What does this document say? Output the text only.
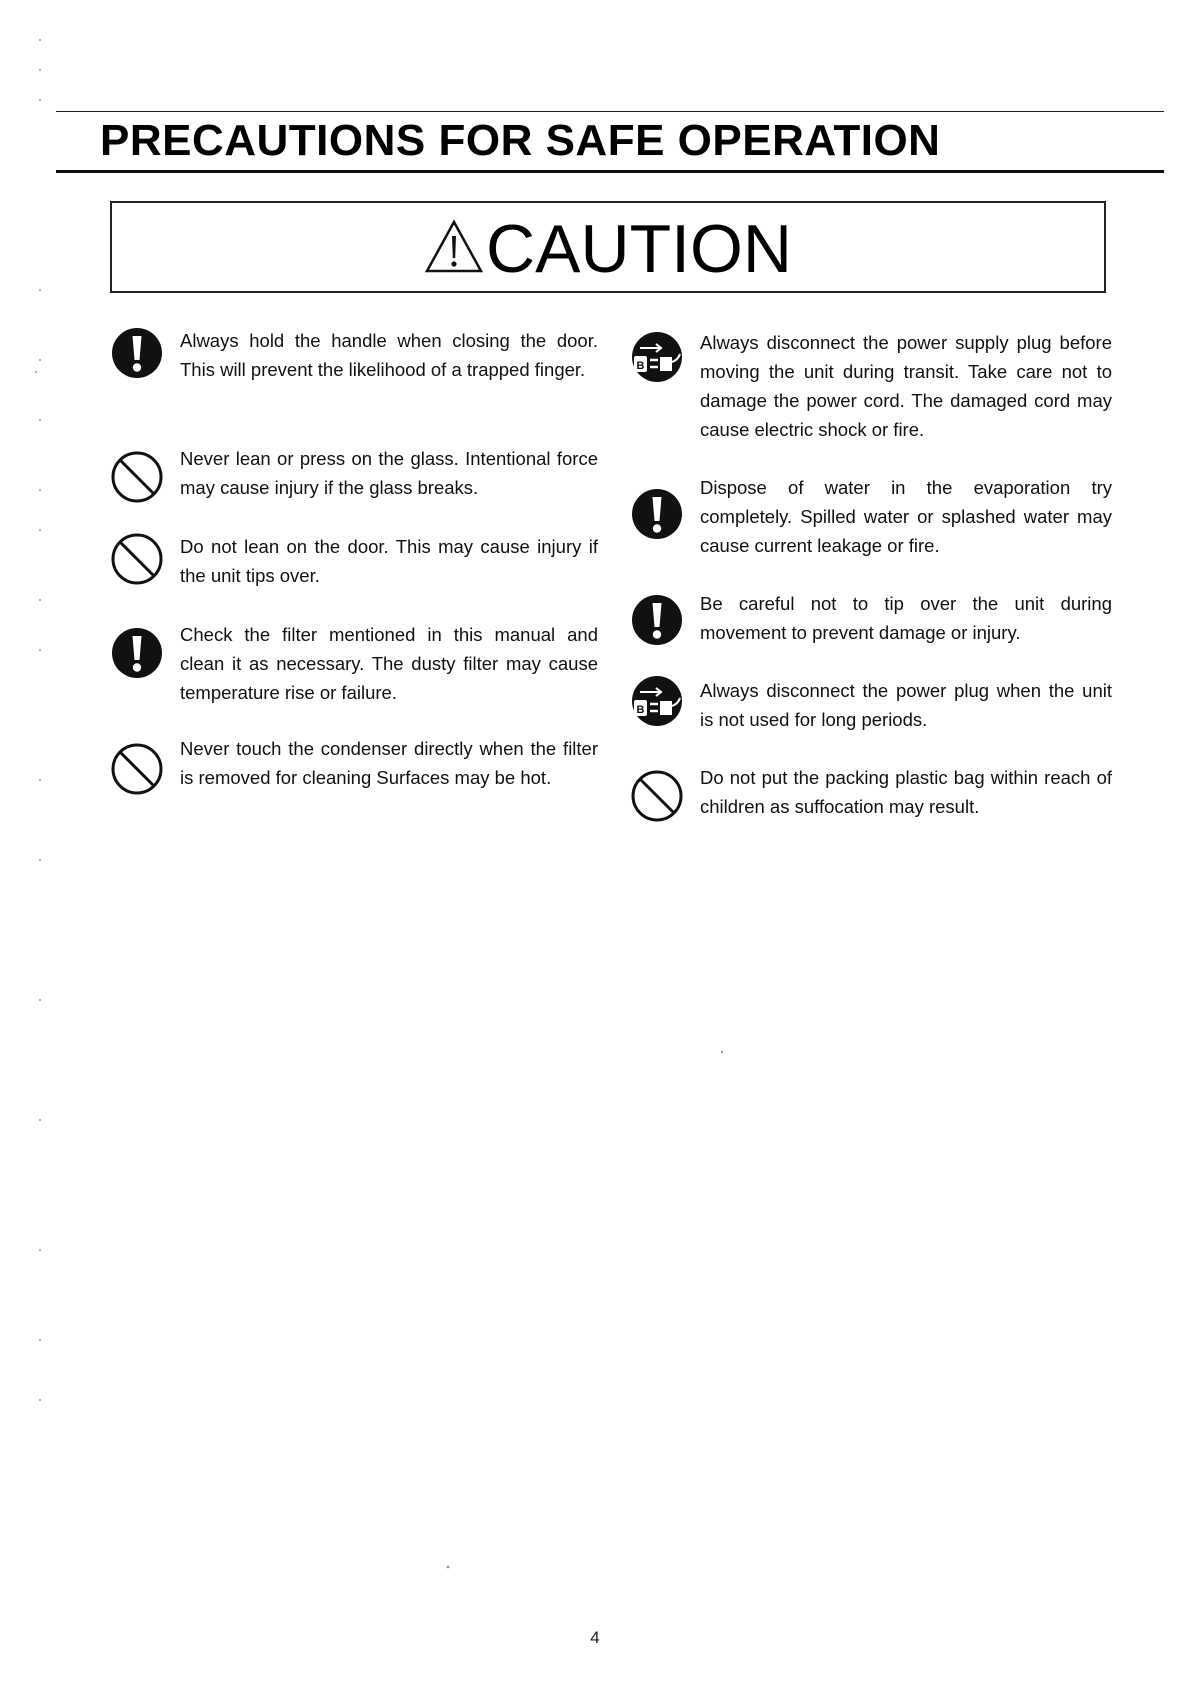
PRECAUTIONS FOR SAFE OPERATION
CAUTION
Always hold the handle when closing the door. This will prevent the likelihood of a trapped finger.
Never lean or press on the glass. Intentional force may cause injury if the glass breaks.
Do not lean on the door. This may cause injury if the unit tips over.
Check the filter mentioned in this manual and clean it as necessary. The dusty filter may cause temperature rise or failure.
Never touch the condenser directly when the filter is removed for cleaning Surfaces may be hot.
Always disconnect the power supply plug before moving the unit during transit. Take care not to damage the power cord. The damaged cord may cause electric shock or fire.
Dispose of water in the evaporation try completely. Spilled water or splashed water may cause current leakage or fire.
Be careful not to tip over the unit during movement to prevent damage or injury.
Always disconnect the power plug when the unit is not used for long periods.
Do not put the packing plastic bag within reach of children as suffocation may result.
4
